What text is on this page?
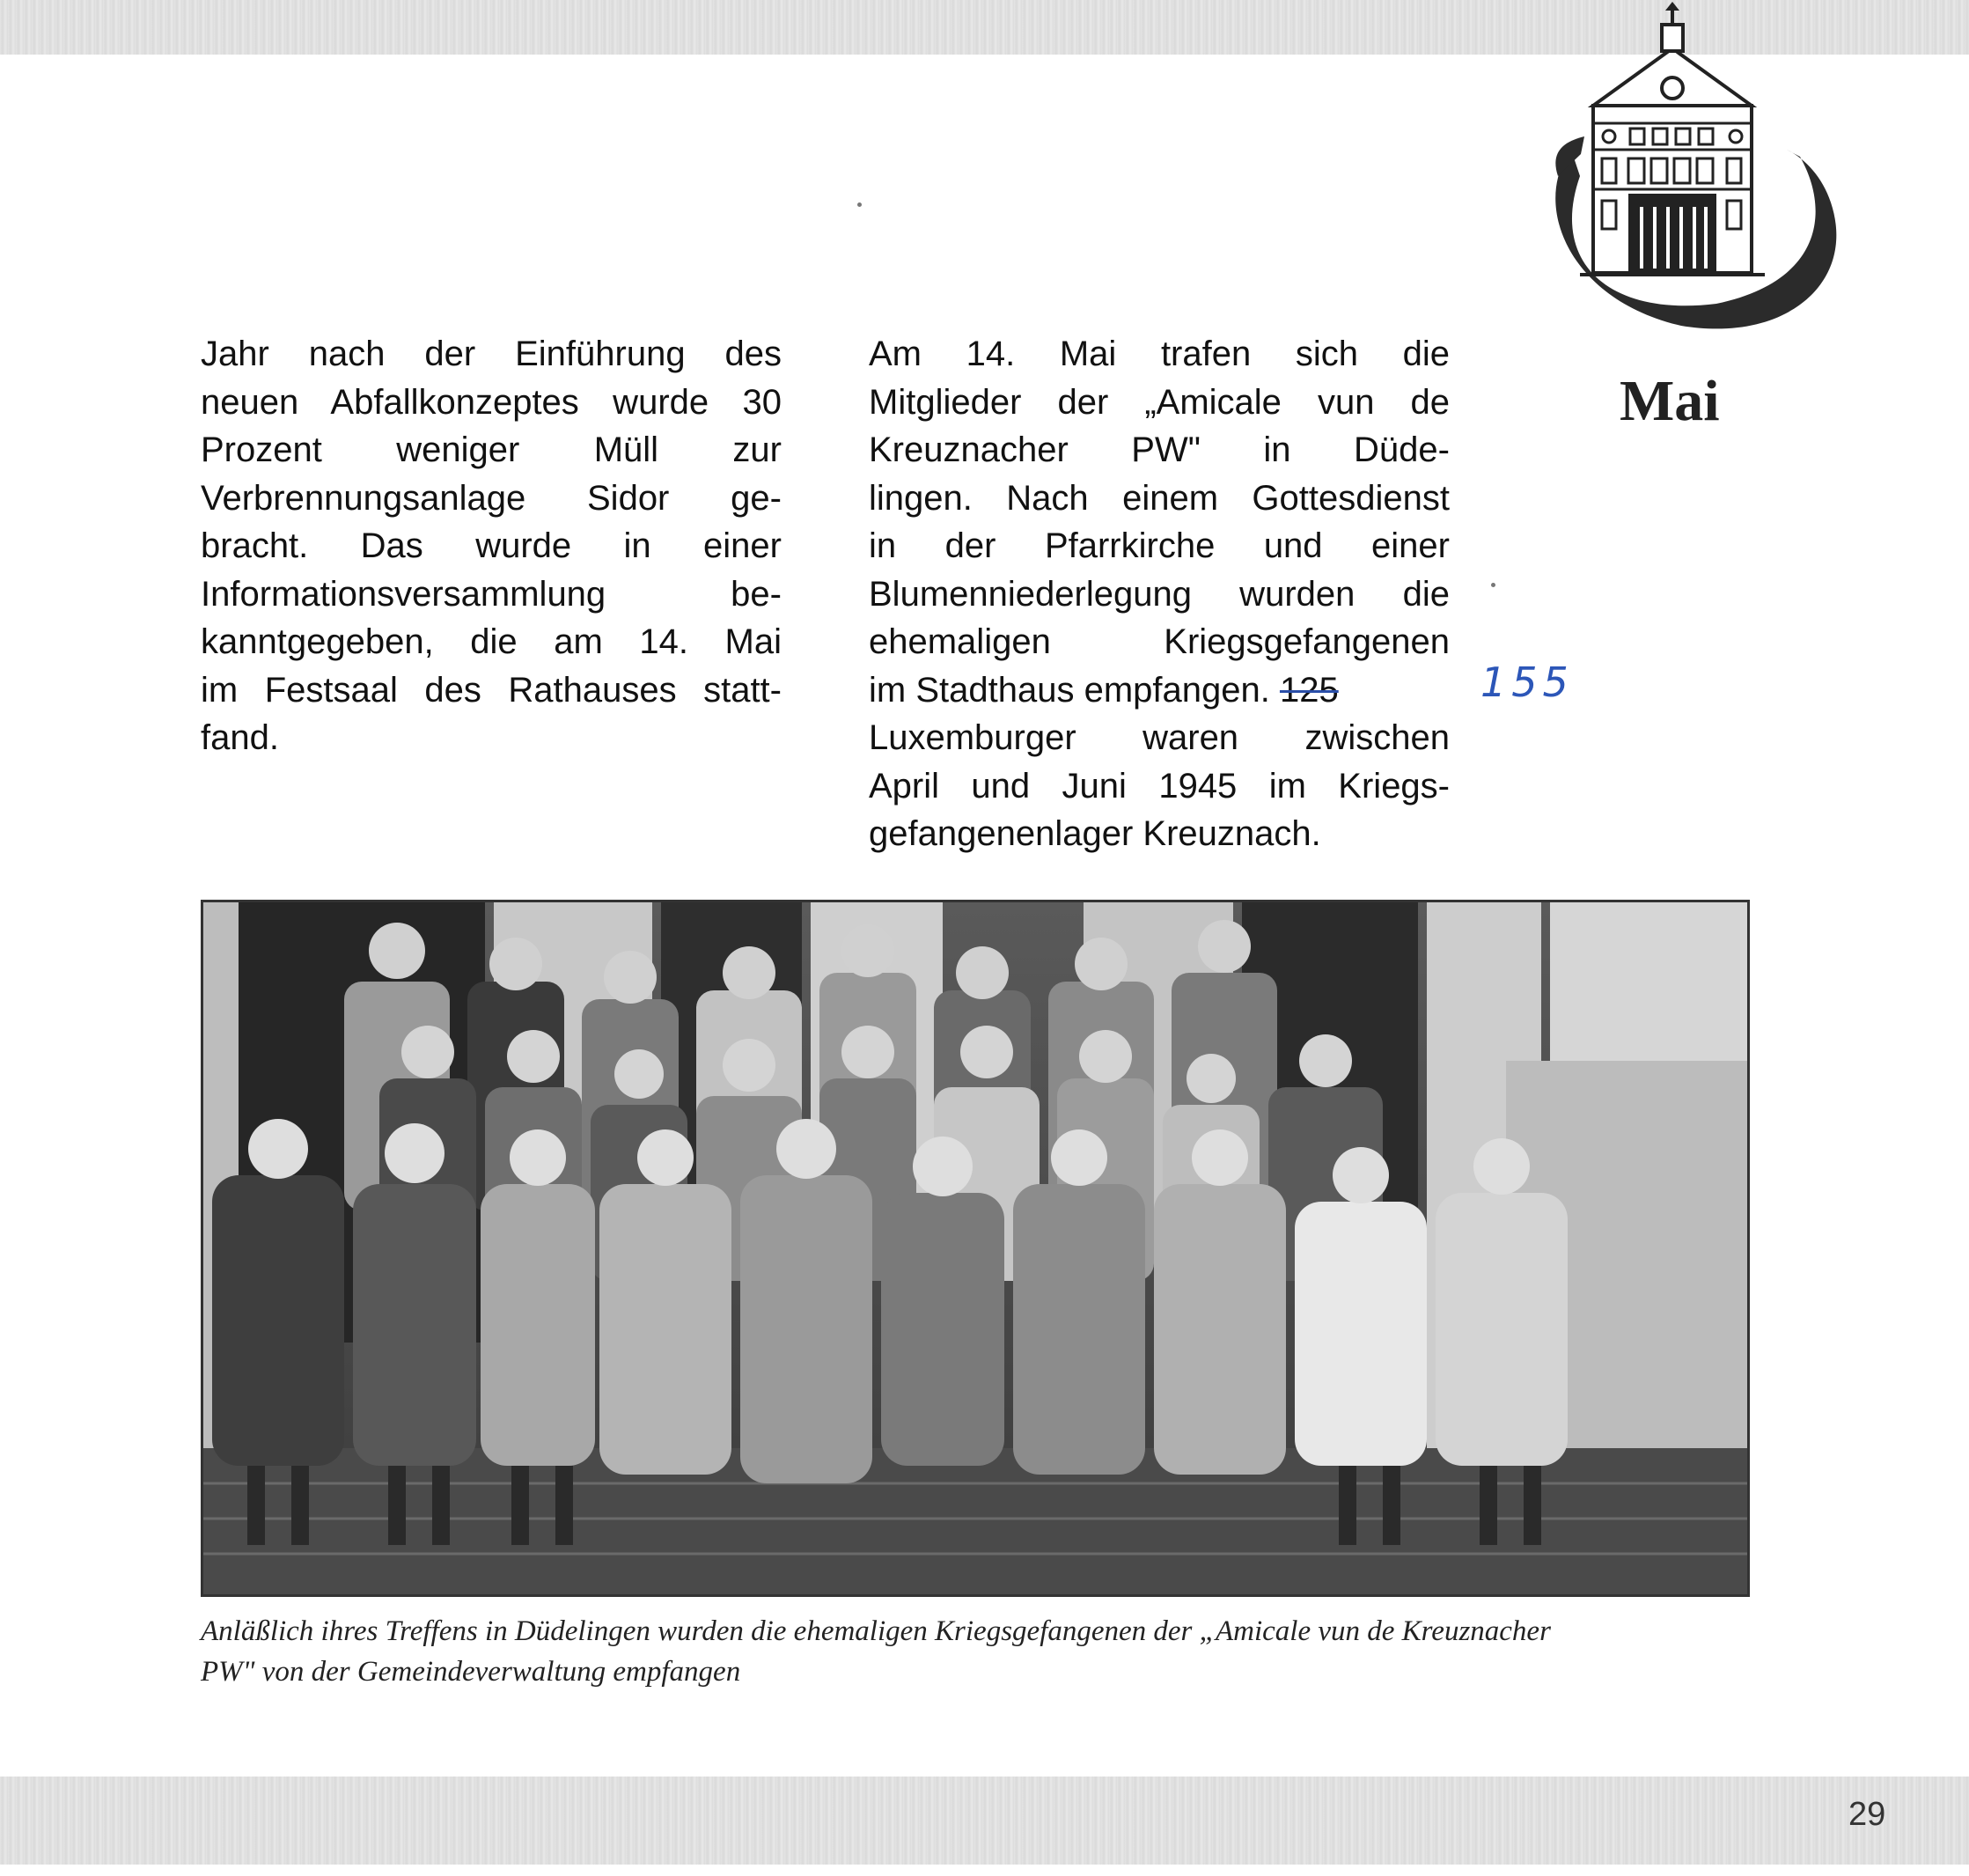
Mai
Jahr nach der Einführung des
neuen Abfallkonzeptes wurde 30
Prozent weniger Müll zur
Verbrennungsanlage Sidor ge-
bracht. Das wurde in einer
Informationsversammlung be-
kanntgegeben, die am 14. Mai
im Festsaal des Rathauses statt-
fand.
Am 14. Mai trafen sich die
Mitglieder der „Amicale vun de
Kreuznacher PW" in Düde-
lingen. Nach einem Gottesdienst
in der Pfarrkirche und einer
Blumenniederlegung wurden die
ehemaligen Kriegsgefangenen
im Stadthaus empfangen. 125
Luxemburger waren zwischen
April und Juni 1945 im Kriegs-
gefangenenlager Kreuznach.
155
Anläßlich ihres Treffens in Düdelingen wurden die ehemaligen Kriegsgefangenen der „Amicale vun de Kreuznacher
PW" von der Gemeindeverwaltung empfangen
29
